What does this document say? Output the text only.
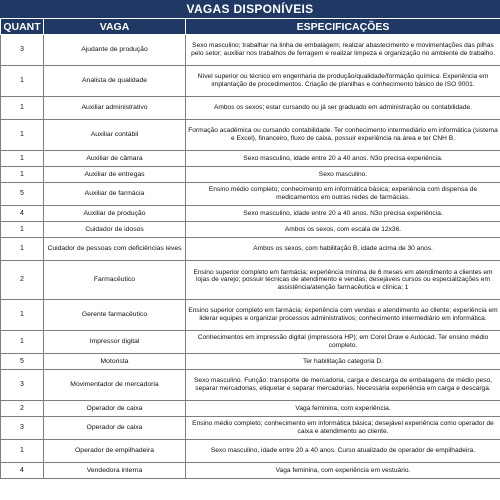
VAGAS DISPONÍVEIS
QUANT	VAGA	ESPECIFICAÇÕES
3	Ajudante de produção	Sexo masculino; trabalhar na linha de embalagem; realizar abastecimento e movimentações das pilhas pelo setor; auxiliar nos trabalhos de ferragem e realizar limpeza e organização no ambiente de trabalho.
1	Analista de qualidade	Nível superior ou técnico em engenharia de produção/qualidade/formação química. Experiência em implantação de procedimentos. Criação de planilhas e conhecimento básico de ISO 9001.
1	Auxiliar administrativo	Ambos os sexos; estar cursando ou já ser graduado em administração ou contabilidade.
1	Auxiliar contábil	Formação acadêmica ou cursando contabilidade. Ter conhecimento intermediário em informática (sistema e Excel), financeiro, fluxo de caixa, possuir experiência na área e ter CNH B.
1	Auxiliar de câmara	Sexo masculino, idade entre 20 a 40 anos. N3o precisa experiência.
1	Auxiliar de entregas	Sexo masculino.
5	Auxiliar de farmácia	Ensino médio completo; conhecimento em informática básica; experiência com dispensa de medicamentos em outras redes de farmácias.
4	Auxiliar de produção	Sexo masculino, idade entre 20 a 40 anos. N3o precisa experiência.
1	Cuidador de idosos	Ambos os sexos, com escala de 12x36.
1	Cuidador de pessoas com deficiências leves	Ambos os sexos, com habilitação B, idade acima de 30 anos.
2	Farmacêutico	Ensino superior completo em farmácia; experiência mínima de 6 meses em atendimento a clientes em lojas de varejo; possuir técnicas de atendimento e vendas; desejáveis cursos ou especializações em assistência/atenção farmacêutica e clínica; 1
1	Gerente farmacêutico	Ensino superior completo em farmácia; experiência com vendas e atendimento ao cliente; experiência em liderar equipes e organizar processos administrativos; conhecimento intermediário em informática.
1	Impressor digital	Conhecimentos em impressão digital (impressora HP); em Corel Draw e Autocad. Ter ensino médio completo.
5	Motorista	Ter habilitação categoria D.
3	Movimentador de mercadoria	Sexo masculino. Função: transporte de mercadoria, carga e descarga de embalagens de médio peso, separar mercadorias, etiquetar e separar mercadorias. Necessária experiência em carga e descarga.
2	Operador de caixa	Vaga feminina, com experiência.
3	Operador de caixa	Ensino médio completo; conhecimento em informática básica; desejável experiência como operador de caixa e atendimento ao cliente.
1	Operador de empilhadeira	Sexo masculino, idade entre 20 a 40 anos. Curso atualizado de operador de empilhadeira.
4	Vendedora interna	Vaga feminina, com experiência em vestuário.
